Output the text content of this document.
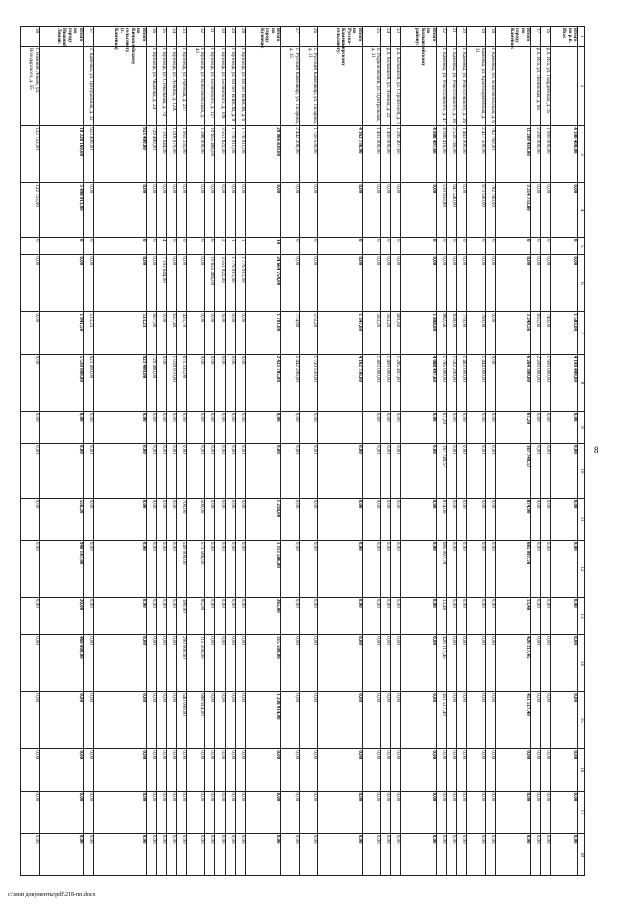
8
1	2	3	4	5	6	7	8	9	10	11	12	13	14	15	16	17	18
Итого по р.п. Иса:		4 100 400,00	0,00	0	0,00	1 583,00	4 100 400,00	0,00	0,00	0,00	0,00	0,00	0,00	0,00	0,00	0,00	0,00
16	р.п. Иса, ул. Гвардейская, д. 35	1 900 000,00	0,00	0	0,00	740,00	1 900 000,00	0,00	0,00	0,00	0,00	0,00	0,00	0,00	0,00	0,00	0,00
17	р.п. Иса, ул. Ленинская, д. 66	2 200 000,00	0,00	0	0,00	835,00	2 200 000,00	0,00	0,00	0,00	0,00	0,00	0,00	0,00	0,00	0,00	0,00
Итого по городу Каменке:		11 209 416,00	3 214 733,80	0	0,00	3 249,56	6 264 300,00	67,20	167 749,57	874,00	685 097,78	13,40	426 117,45	451 517,40	0,00	0,00	0,00
18	г. Каменка, пл. Комсомольская, д. 6	782 760,00	782 760,00	0	0,00	0,00	0,00	0,00	0,00	0,00	0,00	0,00	0,00	0,00	0,00	0,00	0,00
19	Каменка, ул. Красноармейская, д. 31	2 417 500,00	973 500,00	0	0,00	760,00	1 444 000,00	0,00	0,00	0,00	0,00	0,00	0,00	0,00	0,00	0,00	0,00
20	г. Каменка, ул. Рокоссовского, д. 26	1 463 000,00	0,00	0	0,00	770,00	1 463 000,00	0,00	0,00	0,00	0,00	0,00	0,00	0,00	0,00	0,00	0,00
21	г. Каменка, ул. Рокоссовского, д. 36	2 539 740,00	947 540,00	0	0,00	838,00	1 592 200,00	0,00	0,00	0,00	0,00	0,00	0,00	0,00	0,00	0,00	0,00
22	г. Каменка, ул. Рокоссовского, д. 47	4 006 416,00	510 933,80	0	0,00	882,56	1 765 000,00	67,20	167 749,57	874,00	685 097,78	13,40	426 117,45	451 517,40	0,00	0,00	0,00
Итого по Колышлейскому району:		4 088 497,60	0,00	0	0,00	1 808,00	4 088 497,60	0,00	0,00	0,00	0,00	0,00	0,00	0,00	0,00	0,00	0,00
23	р.п. Колышлей, ул. Строителей, д. 1	1 285 497,60	0,00	0	0,00	681,60	1 285 497,60	0,00	0,00	0,00	0,00	0,00	0,00	0,00	0,00	0,00	0,00
24	р.п. Колышлей, ул. Ленина, д. 22	1 400 000,00	0,00	0	0,00	563,20	1 400 000,00	0,00	0,00	0,00	0,00	0,00	0,00	0,00	0,00	0,00	0,00
25	п. Родионовский, ул. Центральная, д. 31	1 403 000,00	0,00	0	0,00	563,20	1 403 000,00	0,00	0,00	0,00	0,00	0,00	0,00	0,00	0,00	0,00	0,00
Итого по Русско-Камешкирскому сельсовету:		4 162 736,00	0,00	0	0,00	1 347,60	4 162 736,00		0,00	0,00	0,00	0,00	0,00	0,00	0,00	0,00	0,00
26	с. Русский Камешкир, ул. Гагарина, д. 11	1 720 530,00	0,00	0	0,00	572,20	1 720 530,00	0,00	0,00	0,00	0,00	0,00	0,00	0,00	0,00	0,00	0,00
27	с. Русский Камешкир, ул. Гагарина, д. 35	2 442 206,00	0,00	0	0,00	774,80	2 442 206,00	0,00	0,00	0,00	0,00	0,00	0,00	0,00	0,00	0,00	0,00
Итого по городу Кузнецк:		29 966 839,00	0,00	14	24 664 754,00	1 701,00	2 423 785,00	0,00	0,00	1 218,00	1 113 586,00	265,00	315 500,00	1 238 914,00	0,00	0,00	0,00
28	г. Кузнецк, ул. 60 лет ВЛКСМ, д. 6	1 776 911,00	0,00	1	1 776 911,00	0,00	0,00	0,00	0,00	0,00	0,00	0,00	0,00	0,00	0,00	0,00	0,00
29	г. Кузнецк, ул. 60 лет ВЛКСМ, д. 8	1 776 911,00	0,00	1	1 776 911,00	0,00	0,00	0,00	0,00	0,00	0,00	0,00	0,00	0,00	0,00	0,00	0,00
30	г. Кузнецк, ул. Белинского, д. 109	3 551 822,00	0,00	2	3 551 822,00	0,00	0,00	0,00	0,00	0,00	0,00	0,00	0,00	0,00	0,00	0,00	0,00
31	г. Кузнецк, ул. Белинского, д. 127	10 655 466,00	0,00	6	10 655 466,00	0,00	0,00	0,00	0,00	0,00	0,00	0,00	0,00	0,00	0,00	0,00	0,00
32	г. Кузнецк, ул. Комсомольская, д. 43	1 388 000,00	0,00	0	0,00	0,00	0,00	0,00	0,00	500,00	573 586,00	85,00	115 500,00	698 914,00	0,00	0,00	0,00
33	г. Кузнецк, ул. Рабочая, д. 237	1 955 335,00	0,00	0	0,00	435,70	675 335,00	0,00	0,00	700,00	540 000,00	180,00	200 000,00	540 000,00	0,00	0,00	0,00
34	г. Кузнецк, ул. Ленина, д. 12А	1 018 970,00	0,00	0	0,00	637,40	1 018 970,00	0,00	0,00	0,00	0,00	0,00	0,00	0,00	0,00	0,00	0,00
35	г. Кузнецк, ул. Стекольная, д. 74	7 103 644,00	0,00	4	7 103 644,00	0,00	0,00	0,00	0,00	0,00	0,00	0,00	0,00	0,00	0,00	0,00	0,00
36	г. Кузнецк, ул. Чкалова, д. 24	729 480,00	0,00	0	0,00	607,90	729 480,00	0,00	0,00	0,00	0,00	0,00	0,00	0,00	0,00	0,00	0,00
Итого по Кичкилейскому сельсовету (с. Каменка)		923 400,00	0,00	0	0,00	513,23	923 400,00	0,00	0,00	0,00	0,00	0,00	0,00	0,00	0,00	0,00	0,00
37	с. Каменка, ул. Центральная, д. 32	923 400,00	0,00	0	0,00	513,23	923 400,00	0,00	0,00	0,00	0,00	0,00	0,00	0,00	0,00	0,00	0,00
Итого по городу Нижний Ломов:		10 228 160,00	3 498 013,00	0	0,00	1 941,50	5 530 000,00	0,00	0,00	556,20	940 147,00	20,00	460 000,00	0,00	0,00	0,00	0,00
38	г. Нижний Ломов, ул. Володарского, д. 55	122 723,00	122 723,00	0	0,00	0,00	0,00	0,00	0,00	0,00	0,00	0,00	0,00	0,00	0,00	0,00	0,00
c:\мои документы\pdf\218-пп.docx
